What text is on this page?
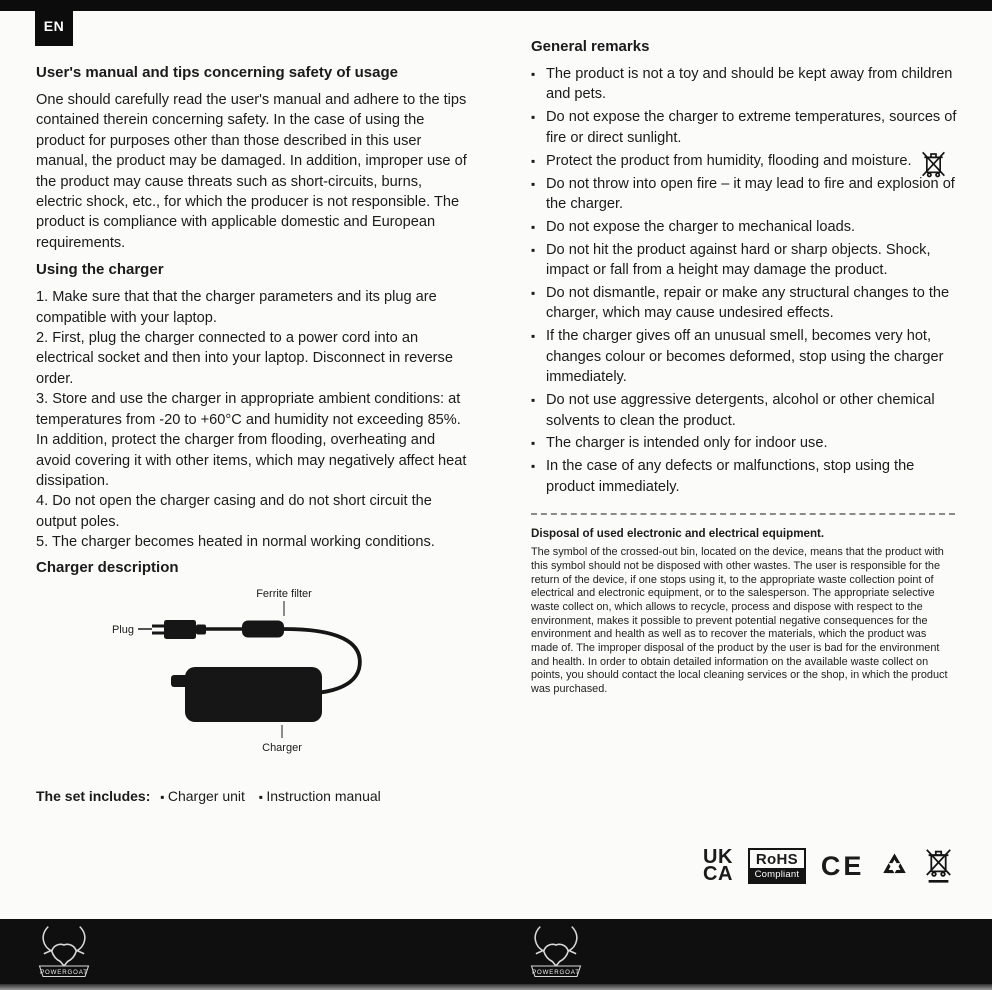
EN
User's manual and tips concerning safety of usage

One should carefully read the user's manual and adhere to the tips contained therein concerning safety. In the case of using the product for purposes other than those described in this user manual, the product may be damaged. In addition, improper use of the product may cause threats such as short-circuits, burns, electric shock, etc., for which the producer is not responsible. The product is compliance with applicable domestic and European requirements.

Using the charger

1. Make sure that that the charger parameters and its plug are compatible with your laptop.

2. First, plug the charger connected to a power cord into an electrical socket and then into your laptop. Disconnect in reverse order.

3. Store and use the charger in appropriate ambient conditions: at temperatures from -20 to +60°C and humidity not exceeding 85%. In addition, protect the charger from flooding, overheating and avoid covering it with other items, which may negatively affect heat dissipation.

4. Do not open the charger casing and do not short circuit the output poles.

5. The charger becomes heated in normal working conditions.

Charger description
Ferrite filter
Plug
Charger
The set includes: ▪ Charger unit ▪ Instruction manual
General remarks
▪ The product is not a toy and should be kept away from children and pets.
▪ Do not expose the charger to extreme temperatures, sources of fire or direct sunlight.
▪ Protect the product from humidity, flooding and moisture.
▪ Do not throw into open fire – it may lead to fire and explosion of the charger.
▪ Do not expose the charger to mechanical loads.
▪ Do not hit the product against hard or sharp objects. Shock, impact or fall from a height may damage the product.
▪ Do not dismantle, repair or make any structural changes to the charger, which may cause undesired effects.
▪ If the charger gives off an unusual smell, becomes very hot, changes colour or becomes deformed, stop using the charger immediately.
▪ Do not use aggressive detergents, alcohol or other chemical solvents to clean the product.
▪ The charger is intended only for indoor use.
▪ In the case of any defects or malfunctions, stop using the product immediately.

Disposal of used electronic and electrical equipment.

The symbol of the crossed-out bin, located on the device, means that the product with this symbol should not be disposed with other wastes. The user is responsible for the return of the device, if one stops using it, to the appropriate waste collection point of electrical and electronic equipment, or to the salesperson. The appropriate selective waste collect on, which allows to recycle, process and dispose with respect to the environment, makes it possible to prevent potential negative consequences for the environment and health as well as to recover the materials, which the product was made of. The improper disposal of the product by the user is bad for the environment and health. In order to obtain detailed information on the available waste collect on points, you should contact the local cleaning services or the shop, in which the product was purchased.

UK
CA
RoHS
Compliant CE
POWERGOAT	POWERGOAT
